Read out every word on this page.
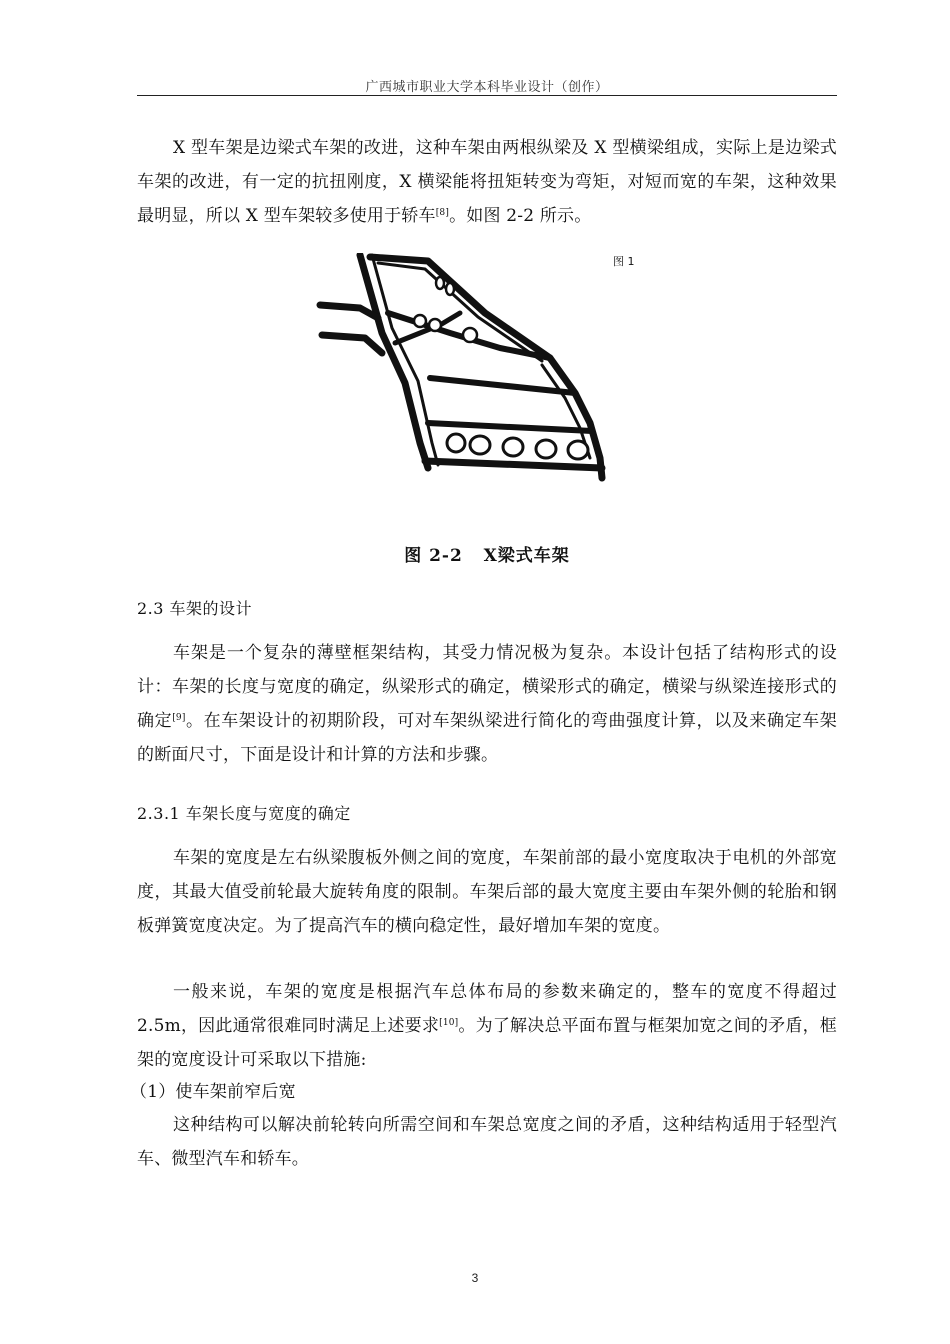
广西城市职业大学本科毕业设计（创作）
X 型车架是边梁式车架的改进，这种车架由两根纵梁及 X 型横梁组成，实际上是边梁式车架的改进，有一定的抗扭刚度，X 横梁能将扭矩转变为弯矩，对短而宽的车架，这种效果最明显，所以 X 型车架较多使用于轿车[8]。如图 2-2 所示。
图 1
图 2-2 X梁式车架
2.3 车架的设计
车架是一个复杂的薄壁框架结构，其受力情况极为复杂。本设计包括了结构形式的设计：车架的长度与宽度的确定，纵梁形式的确定，横梁形式的确定，横梁与纵梁连接形式的确定[9]。在车架设计的初期阶段，可对车架纵梁进行简化的弯曲强度计算，以及来确定车架的断面尺寸，下面是设计和计算的方法和步骤。
2.3.1 车架长度与宽度的确定
车架的宽度是左右纵梁腹板外侧之间的宽度，车架前部的最小宽度取决于电机的外部宽度，其最大值受前轮最大旋转角度的限制。车架后部的最大宽度主要由车架外侧的轮胎和钢板弹簧宽度决定。为了提高汽车的横向稳定性，最好增加车架的宽度。
一般来说，车架的宽度是根据汽车总体布局的参数来确定的，整车的宽度不得超过 2.5m，因此通常很难同时满足上述要求[10]。为了解决总平面布置与框架加宽之间的矛盾，框架的宽度设计可采取以下措施:
（1）使车架前窄后宽
这种结构可以解决前轮转向所需空间和车架总宽度之间的矛盾，这种结构适用于轻型汽车、微型汽车和轿车。
3
